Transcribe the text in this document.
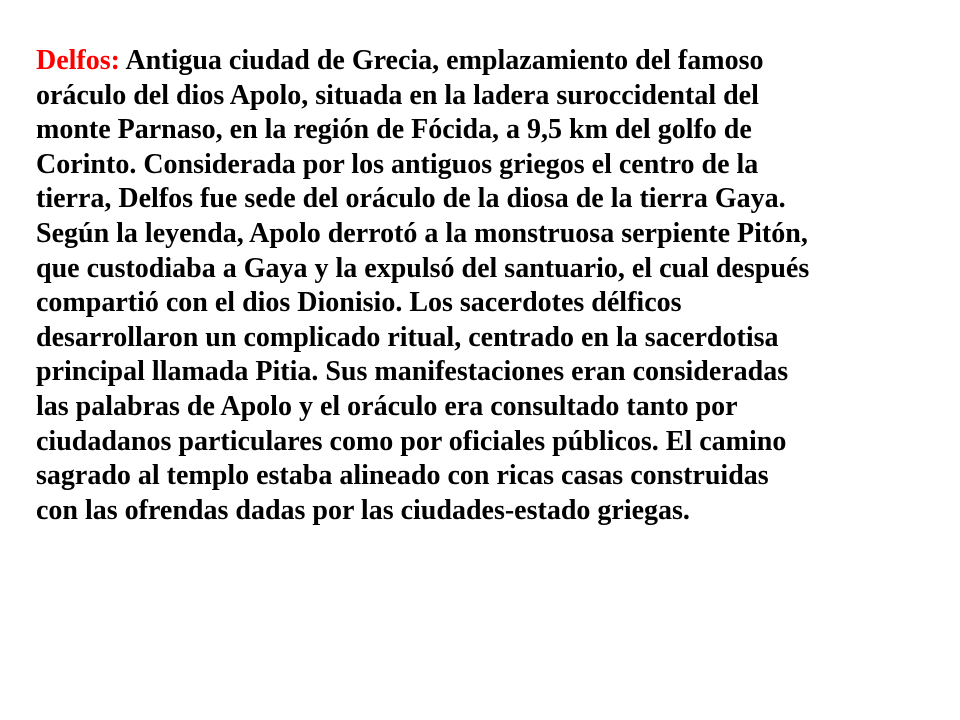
Delfos: Antigua ciudad de Grecia, emplazamiento del famoso
oráculo del dios Apolo, situada en la ladera suroccidental del
monte Parnaso, en la región de Fócida, a 9,5 km del golfo de
Corinto. Considerada por los antiguos griegos el centro de la
tierra, Delfos fue sede del oráculo de la diosa de la tierra Gaya.
Según la leyenda, Apolo derrotó a la monstruosa serpiente Pitón,
que custodiaba a Gaya y la expulsó del santuario, el cual después
compartió con el dios Dionisio. Los sacerdotes délficos
desarrollaron un complicado ritual, centrado en la sacerdotisa
principal llamada Pitia. Sus manifestaciones eran consideradas
las palabras de Apolo y el oráculo era consultado tanto por
ciudadanos particulares como por oficiales públicos. El camino
sagrado al templo estaba alineado con ricas casas construidas
con las ofrendas dadas por las ciudades-estado griegas.
